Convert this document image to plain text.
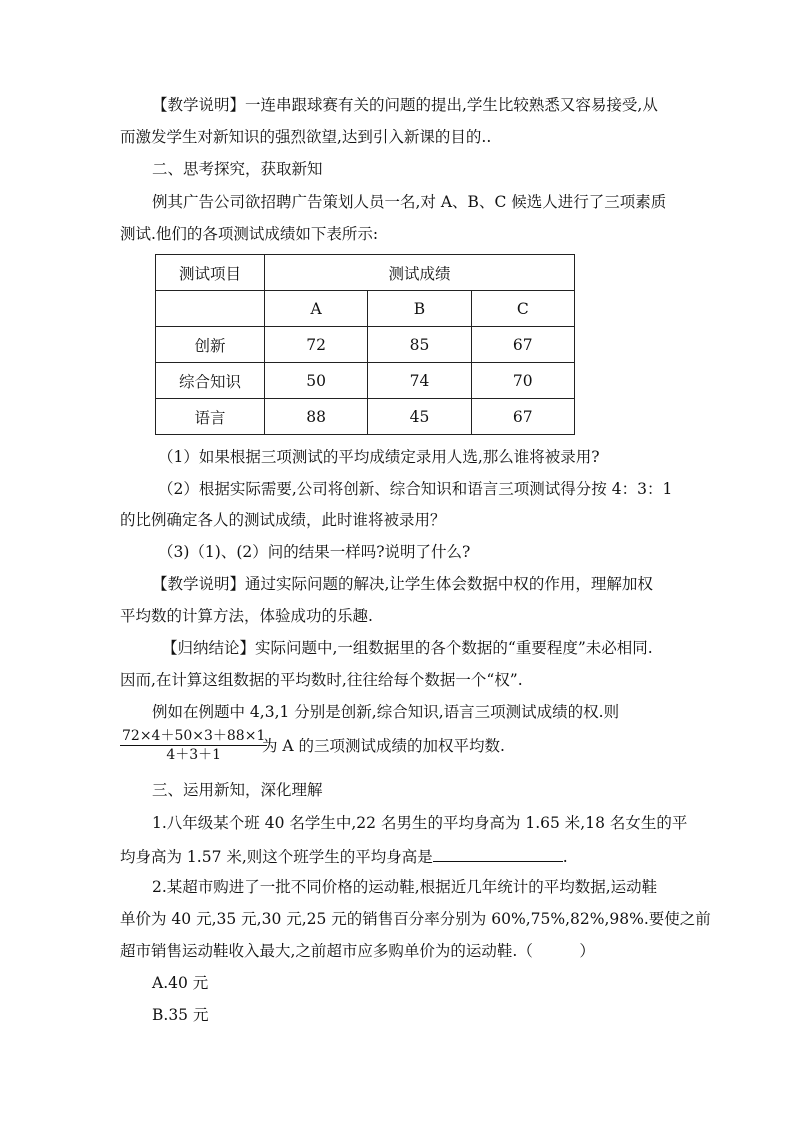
【教学说明】一连串跟球赛有关的问题的提出,学生比较熟悉又容易接受,从
而激发学生对新知识的强烈欲望,达到引入新课的目的..
二、思考探究，获取新知
例其广告公司欲招聘广告策划人员一名,对 A、B、C 候选人进行了三项素质
测试.他们的各项测试成绩如下表所示:
测试项目	测试成绩		
	A	B	C
创新	72	85	67
综合知识	50	74	70
语言	88	45	67
（1）如果根据三项测试的平均成绩定录用人选,那么谁将被录用?
（2）根据实际需要,公司将创新、综合知识和语言三项测试得分按 4：3：1
的比例确定各人的测试成绩，此时谁将被录用？
（3)（1)、(2）问的结果一样吗?说明了什么?
【教学说明】通过实际问题的解决,让学生体会数据中权的作用，理解加权
平均数的计算方法，体验成功的乐趣.
【归纳结论】实际问题中,一组数据里的各个数据的“重要程度”未必相同.
因而,在计算这组数据的平均数时,往往给每个数据一个“权”.
例如在例题中 4,3,1 分别是创新,综合知识,语言三项测试成绩的权.则
$\frac{72\times 4+50\times 3+88\times 1}{4+3+1}$
为 A 的三项测试成绩的加权平均数.
三、运用新知，深化理解
1.八年级某个班 40 名学生中,22 名男生的平均身高为 1.65 米,18 名女生的平
均身高为 1.57 米,则这个班学生的平均身高是	.
2.某超市购进了一批不同价格的运动鞋,根据近几年统计的平均数据,运动鞋
单价为 40 元,35 元,30 元,25 元的销售百分率分别为 60%,75%,82%,98%.要使之前
超市销售运动鞋收入最大,之前超市应多购单价为的运动鞋.（　　　）
A.40 元
B.35 元
